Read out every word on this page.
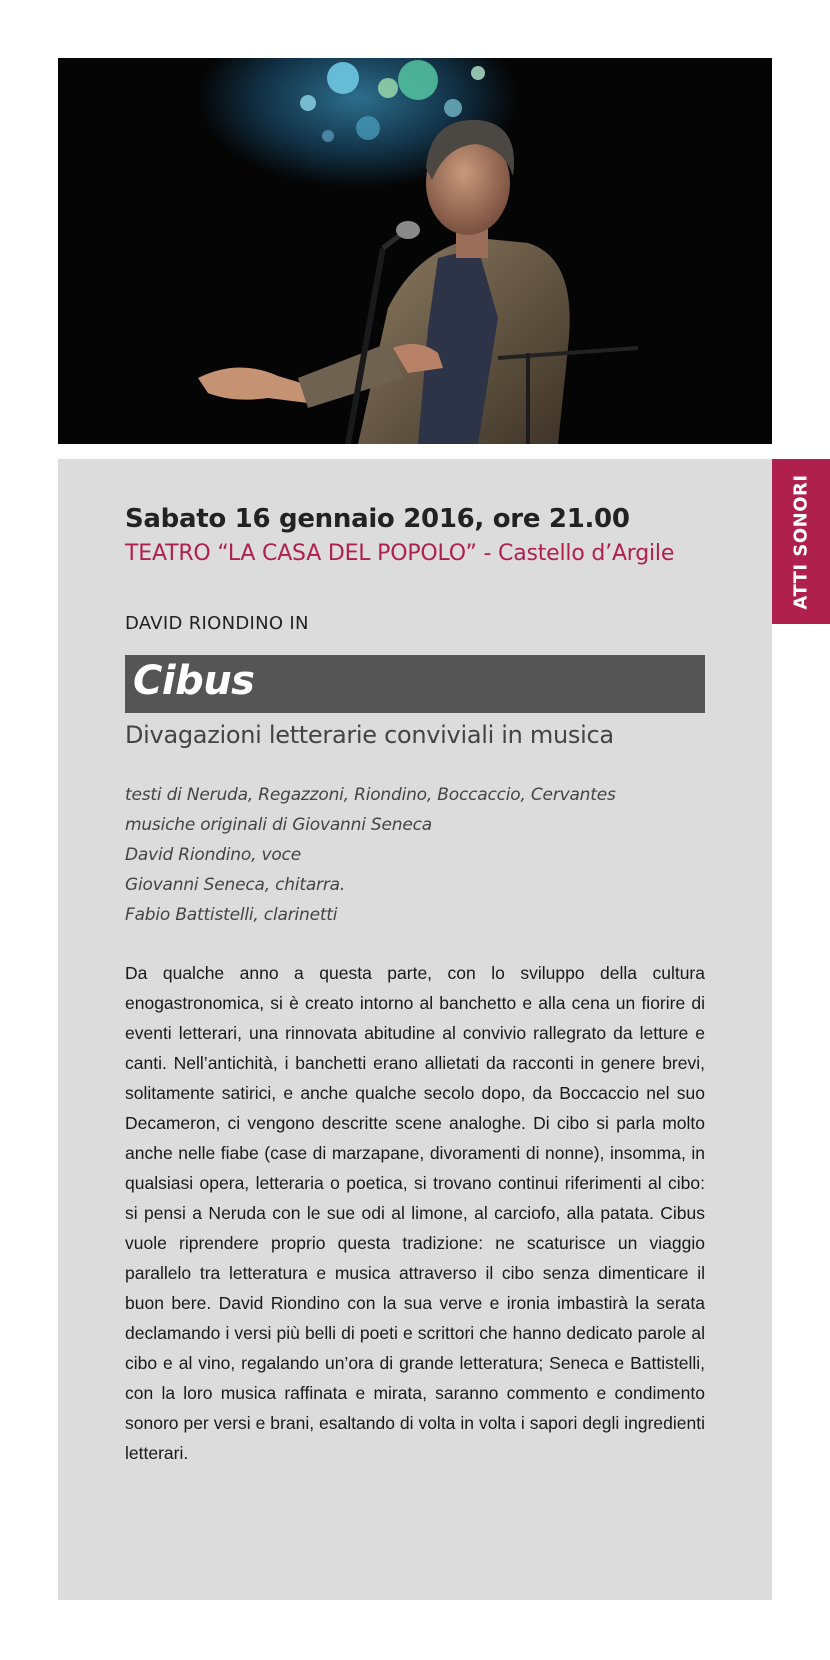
ATTI SONORI
Sabato 16 gennaio 2016, ore 21.00
TEATRO “LA CASA DEL POPOLO” - Castello d’Argile
DAVID RIONDINO IN
Cibus
Divagazioni letterarie conviviali in musica
testi di Neruda, Regazzoni, Riondino, Boccaccio, Cervantes
musiche originali di Giovanni Seneca
David Riondino, voce
Giovanni Seneca, chitarra.
Fabio Battistelli, clarinetti

Da qualche anno a questa parte, con lo sviluppo della cultura enogastronomica, si è creato intorno al banchetto e alla cena un fiorire di eventi letterari, una rinnovata abitudine al convivio rallegrato da letture e canti. Nell’antichità, i banchetti erano allietati da racconti in genere brevi, solitamente satirici, e anche qualche secolo dopo, da Boccaccio nel suo Decameron, ci vengono descritte scene analoghe. Di cibo si parla molto anche nelle fiabe (case di marzapane, divoramenti di nonne), insomma, in qualsiasi opera, letteraria o poetica, si trovano continui riferimenti al cibo: si pensi a Neruda con le sue odi al limone, al carciofo, alla patata. Cibus vuole riprendere proprio questa tradizione: ne scaturisce un viaggio parallelo tra letteratura e musica attraverso il cibo senza dimenticare il buon bere. David Riondino con la sua verve e ironia imbastirà la serata declamando i versi più belli di poeti e scrittori che hanno dedicato parole al cibo e al vino, regalando un’ora di grande letteratura; Seneca e Battistelli, con la loro musica raffinata e mirata, saranno commento e condimento sonoro per versi e brani, esaltando di volta in volta i sapori degli ingredienti letterari.
